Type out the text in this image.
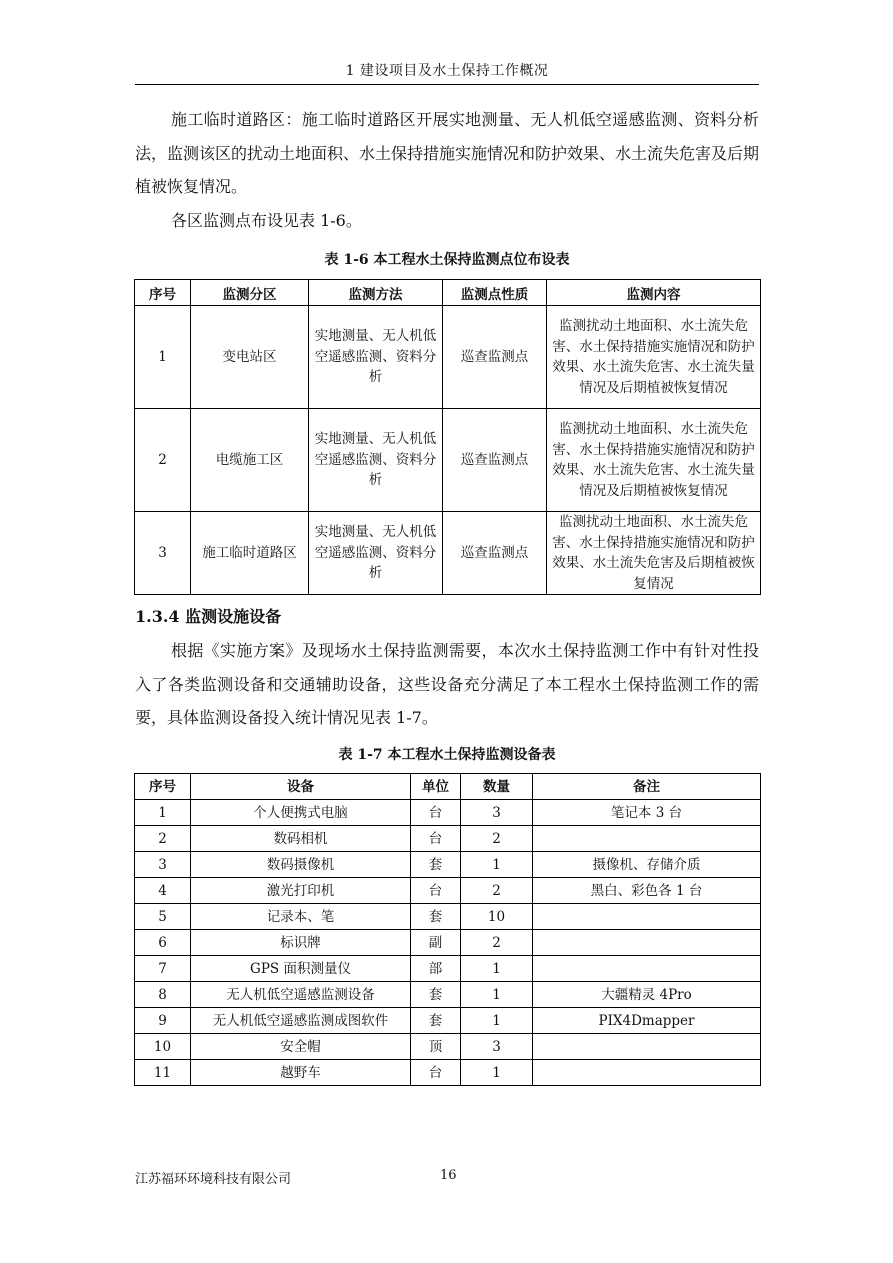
1 建设项目及水土保持工作概况

施工临时道路区：施工临时道路区开展实地测量、无人机低空遥感监测、资料分析法，监测该区的扰动土地面积、水土保持措施实施情况和防护效果、水土流失危害及后期植被恢复情况。

各区监测点布设见表 1-6。

表 1-6 本工程水土保持监测点位布设表
序号	监测分区	监测方法	监测点性质	监测内容
1	变电站区	实地测量、无人机低空遥感监测、资料分析	巡查监测点	监测扰动土地面积、水土流失危害、水土保持措施实施情况和防护效果、水土流失危害、水土流失量情况及后期植被恢复情况
2	电缆施工区	实地测量、无人机低空遥感监测、资料分析	巡查监测点	监测扰动土地面积、水土流失危害、水土保持措施实施情况和防护效果、水土流失危害、水土流失量情况及后期植被恢复情况
3	施工临时道路区	实地测量、无人机低空遥感监测、资料分析	巡查监测点	监测扰动土地面积、水土流失危害、水土保持措施实施情况和防护效果、水土流失危害及后期植被恢复情况
1.3.4 监测设施设备

根据《实施方案》及现场水土保持监测需要，本次水土保持监测工作中有针对性投入了各类监测设备和交通辅助设备，这些设备充分满足了本工程水土保持监测工作的需要，具体监测设备投入统计情况见表 1-7。

表 1-7 本工程水土保持监测设备表
序号	设备	单位	数量	备注
1	个人便携式电脑	台	3	笔记本 3 台
2	数码相机	台	2	
3	数码摄像机	套	1	摄像机、存储介质
4	激光打印机	台	2	黑白、彩色各 1 台
5	记录本、笔	套	10	
6	标识牌	副	2	
7	GPS 面积测量仪	部	1	
8	无人机低空遥感监测设备	套	1	大疆精灵 4Pro
9	无人机低空遥感监测成图软件	套	1	PIX4Dmapper
10	安全帽	顶	3	
11	越野车	台	1	
江苏福环环境科技有限公司	16
